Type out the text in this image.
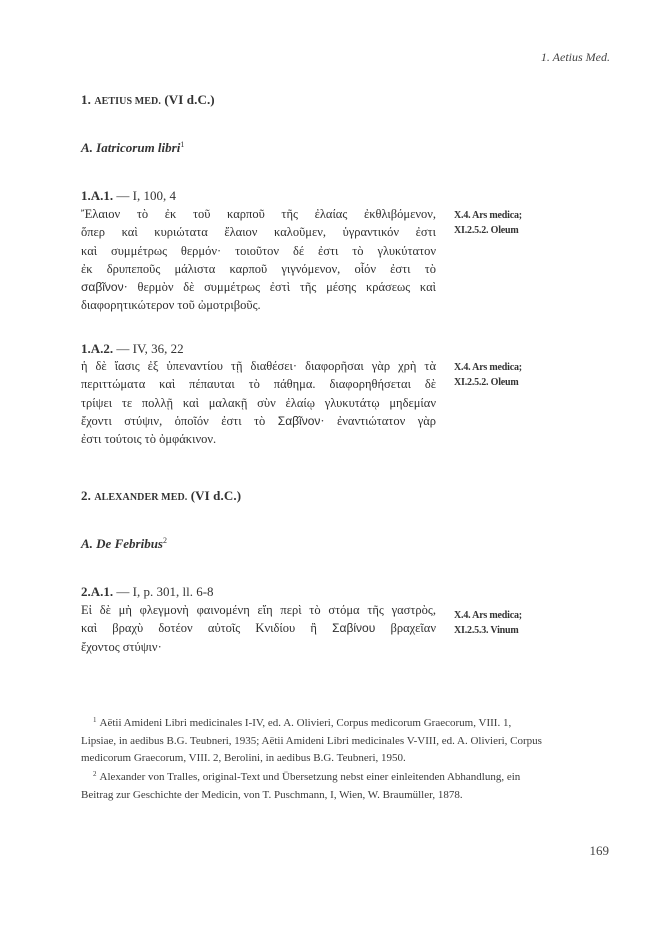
1. Aetius Med.
1. AETIUS MED. (VI d.C.)
A. Iatricorum libri$^1$
1.A.1. — I, 100, 4
Ἔλαιον τὸ ἐκ τοῦ καρποῦ τῆς ἐλαίας ἐκθλιβόμενον,
ὅπερ καὶ κυριώτατα ἔλαιον καλοῦμεν, ὑγραντικόν ἐστι
καὶ συμμέτρως θερμόν· τοιοῦτον δέ ἐστι τὸ γλυκύτατον
ἐκ δρυπεποῦς μάλιστα καρποῦ γιγνόμενον, οἷόν ἐστι τὸ
σαβῖνον· θερμὸν δὲ συμμέτρως ἐστὶ τῆς μέσης κράσεως καὶ
διαφορητικώτερον τοῦ ὠμοτριβοῦς.
X.4. Ars medica;
XI.2.5.2. Oleum
1.A.2. — IV, 36, 22
ἡ δὲ ἴασις ἐξ ὑπεναντίου τῇ διαθέσει· διαφορῆσαι γὰρ χρὴ τὰ
περιττώματα καὶ πέπαυται τὸ πάθημα. διαφορηθήσεται δὲ
τρίψει τε πολλῇ καὶ μαλακῇ σὺν ἐλαίῳ γλυκυτάτῳ μηδεμίαν
ἔχοντι στύψιν, ὁποῖόν ἐστι τὸ Σαβῖνον· ἐναντιώτατον γὰρ
ἐστι τούτοις τὸ ὀμφάκινον.
X.4. Ars medica;
XI.2.5.2. Oleum
2. ALEXANDER MED. (VI d.C.)
A. De Febribus$^2$
2.A.1. — I, p. 301, ll. 6-8
Εἰ δὲ μὴ φλεγμονὴ φαινομένη εἴη περὶ τὸ στόμα τῆς γαστρὸς,
καὶ βραχὺ δοτέον αὐτοῖς Κνιδίου ἢ Σαβίνου βραχεῖαν
ἔχοντος στύψιν·
X.4. Ars medica;
XI.2.5.3. Vinum
$^1$ Aëtii Amideni Libri medicinales I-IV, ed. A. Olivieri, Corpus medicorum Graecorum, VIII. 1,
Lipsiae, in aedibus B.G. Teubneri, 1935; Aëtii Amideni Libri medicinales V-VIII, ed. A. Olivieri, Corpus
medicorum Graecorum, VIII. 2, Berolini, in aedibus B.G. Teubneri, 1950.
$^2$ Alexander von Tralles, original-Text und Übersetzung nebst einer einleitenden Abhandlung, ein
Beitrag zur Geschichte der Medicin, von T. Puschmann, I, Wien, W. Braumüller, 1878.
169
